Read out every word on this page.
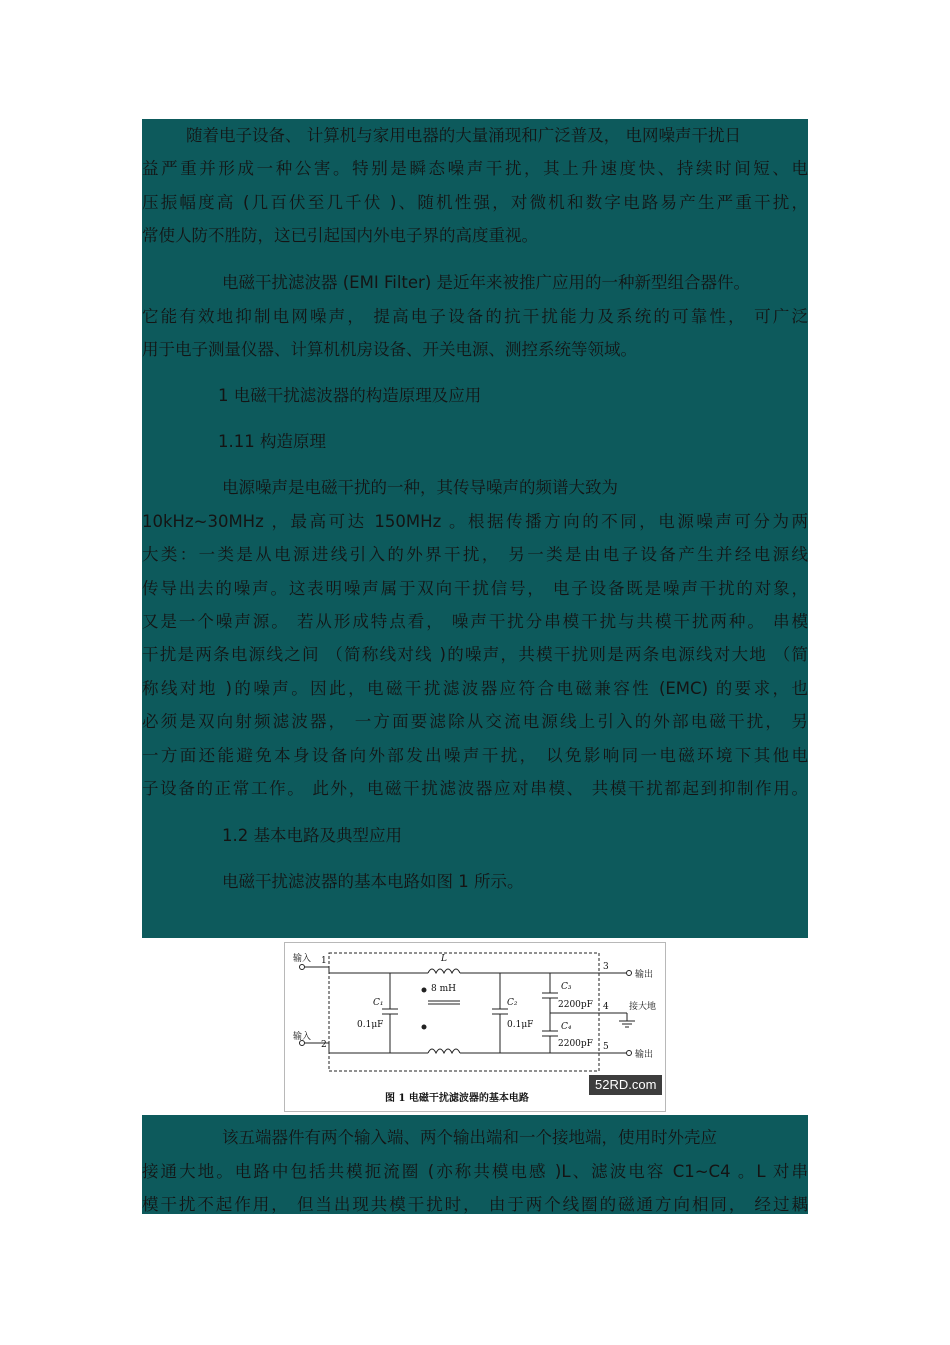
随着电子设备、 计算机与家用电器的大量涌现和广泛普及， 电网噪声干扰日
益严重并形成一种公害。特别是瞬态噪声干扰，其上升速度快、持续时间短、电
压振幅度高 (几百伏至几千伏 )、随机性强，对微机和数字电路易产生严重干扰，
常使人防不胜防，这已引起国内外电子界的高度重视。
电磁干扰滤波器 (EMI Filter) 是近年来被推广应用的一种新型组合器件。
它能有效地抑制电网噪声， 提高电子设备的抗干扰能力及系统的可靠性， 可广泛
用于电子测量仪器、计算机机房设备、开关电源、测控系统等领域。
1 电磁干扰滤波器的构造原理及应用
1.11 构造原理
电源噪声是电磁干扰的一种，其传导噪声的频谱大致为
10kHz~30MHz ，最高可达 150MHz 。根据传播方向的不同，电源噪声可分为两
大类：一类是从电源进线引入的外界干扰， 另一类是由电子设备产生并经电源线
传导出去的噪声。这表明噪声属于双向干扰信号， 电子设备既是噪声干扰的对象，
又是一个噪声源。 若从形成特点看， 噪声干扰分串模干扰与共模干扰两种。 串模
干扰是两条电源线之间 （简称线对线 )的噪声，共模干扰则是两条电源线对大地 （简
称线对地 )的噪声。因此，电磁干扰滤波器应符合电磁兼容性 (EMC) 的要求，也
必须是双向射频滤波器， 一方面要滤除从交流电源线上引入的外部电磁干扰， 另
一方面还能避免本身设备向外部发出噪声干扰， 以免影响同一电磁环境下其他电
子设备的正常工作。 此外，电磁干扰滤波器应对串模、 共模干扰都起到抑制作用。
1.2 基本电路及典型应用
电磁干扰滤波器的基本电路如图 1 所示。
输入 1
输入
2
3
4
5
输出
输出
接大地
L
8 mH
C₁
0.1μF
C₂
0.1μF
C₃
2200pF
C₄
2200pF
52RD.com
图 1 电磁干扰滤波器的基本电路
该五端器件有两个输入端、两个输出端和一个接地端，使用时外壳应
接通大地。电路中包括共模扼流圈 (亦称共模电感 )L、滤波电容 C1~C4 。L 对串
模干扰不起作用， 但当出现共模干扰时， 由于两个线圈的磁通方向相同， 经过耦
